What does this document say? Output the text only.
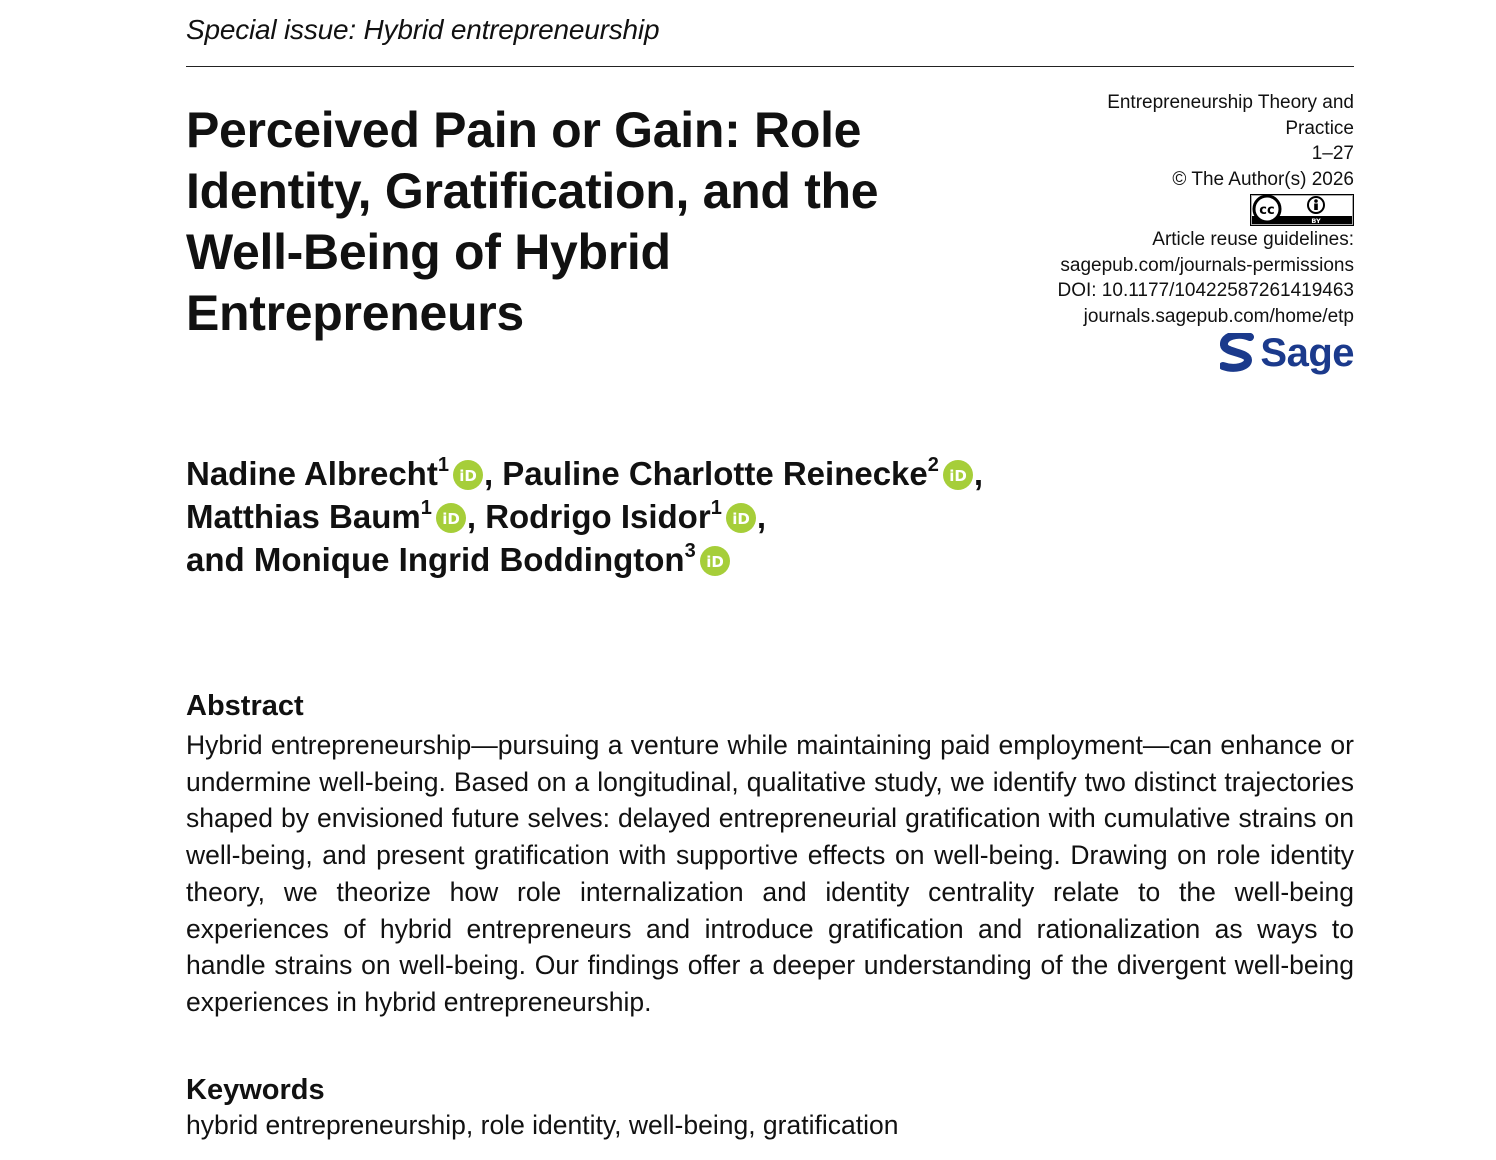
Special issue: Hybrid entrepreneurship
Perceived Pain or Gain: Role Identity, Gratification, and the Well-Being of Hybrid Entrepreneurs
Entrepreneurship Theory and
Practice
1–27
© The Author(s) 2026
cc
BY
Article reuse guidelines:
sagepub.com/journals-permissions
DOI: 10.1177/10422587261419463
journals.sagepub.com/home/etp
Sage
Nadine Albrecht$^1$ iD , Pauline Charlotte Reinecke$^2$ iD ,
Matthias Baum$^1$ iD , Rodrigo Isidor$^1$ iD ,
and Monique Ingrid Boddington$^3$ iD
Abstract

Hybrid entrepreneurship—pursuing a venture while maintaining paid employment—can enhance or undermine well-being. Based on a longitudinal, qualitative study, we identify two distinct trajectories shaped by envisioned future selves: delayed entrepreneurial gratification with cumulative strains on well-being, and present gratification with supportive effects on well-being. Drawing on role identity theory, we theorize how role internalization and identity centrality relate to the well-being experiences of hybrid entrepreneurs and introduce gratification and rationalization as ways to handle strains on well-being. Our findings offer a deeper understanding of the divergent well-being experiences in hybrid entrepreneurship.

Keywords
hybrid entrepreneurship, role identity, well-being, gratification
